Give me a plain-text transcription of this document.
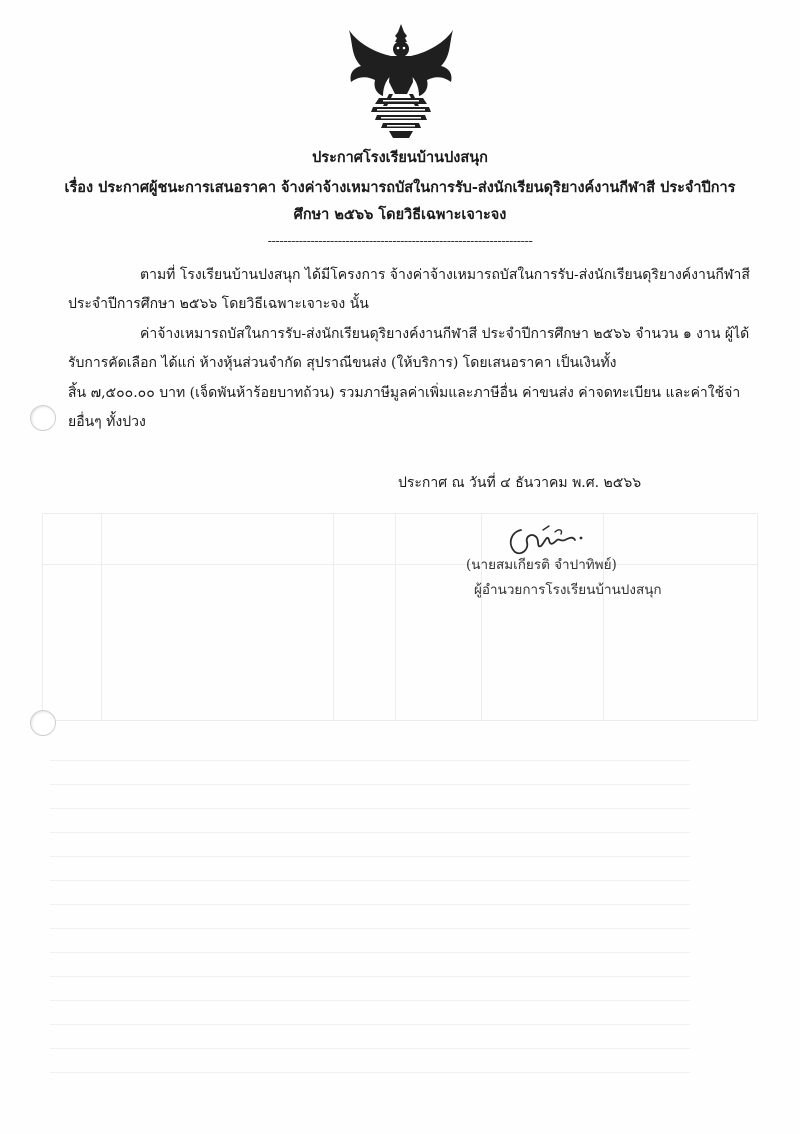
ประกาศโรงเรียนบ้านปงสนุก
เรื่อง ประกาศผู้ชนะการเสนอราคา จ้างค่าจ้างเหมารถบัสในการรับ-ส่งนักเรียนดุริยางค์งานกีฬาสี ประจำปีการ
ศึกษา ๒๕๖๖ โดยวิธีเฉพาะเจาะจง
--------------------------------------------------------------------
ตามที่ โรงเรียนบ้านปงสนุก ได้มีโครงการ จ้างค่าจ้างเหมารถบัสในการรับ-ส่งนักเรียนดุริยางค์งานกีฬาสี
ประจำปีการศึกษา ๒๕๖๖ โดยวิธีเฉพาะเจาะจง นั้น
ค่าจ้างเหมารถบัสในการรับ-ส่งนักเรียนดุริยางค์งานกีฬาสี ประจำปีการศึกษา ๒๕๖๖ จำนวน ๑ งาน ผู้ได้
รับการคัดเลือก ได้แก่ ห้างหุ้นส่วนจำกัด สุปราณีขนส่ง (ให้บริการ) โดยเสนอราคา เป็นเงินทั้ง
สิ้น ๗,๕๐๐.๐๐ บาท (เจ็ดพันห้าร้อยบาทถ้วน) รวมภาษีมูลค่าเพิ่มและภาษีอื่น ค่าขนส่ง ค่าจดทะเบียน และค่าใช้จ่า
ยอื่นๆ ทั้งปวง
ประกาศ ณ วันที่ ๔ ธันวาคม พ.ศ. ๒๕๖๖
(นายสมเกียรติ จำปาทิพย์)
ผู้อำนวยการโรงเรียนบ้านปงสนุก
